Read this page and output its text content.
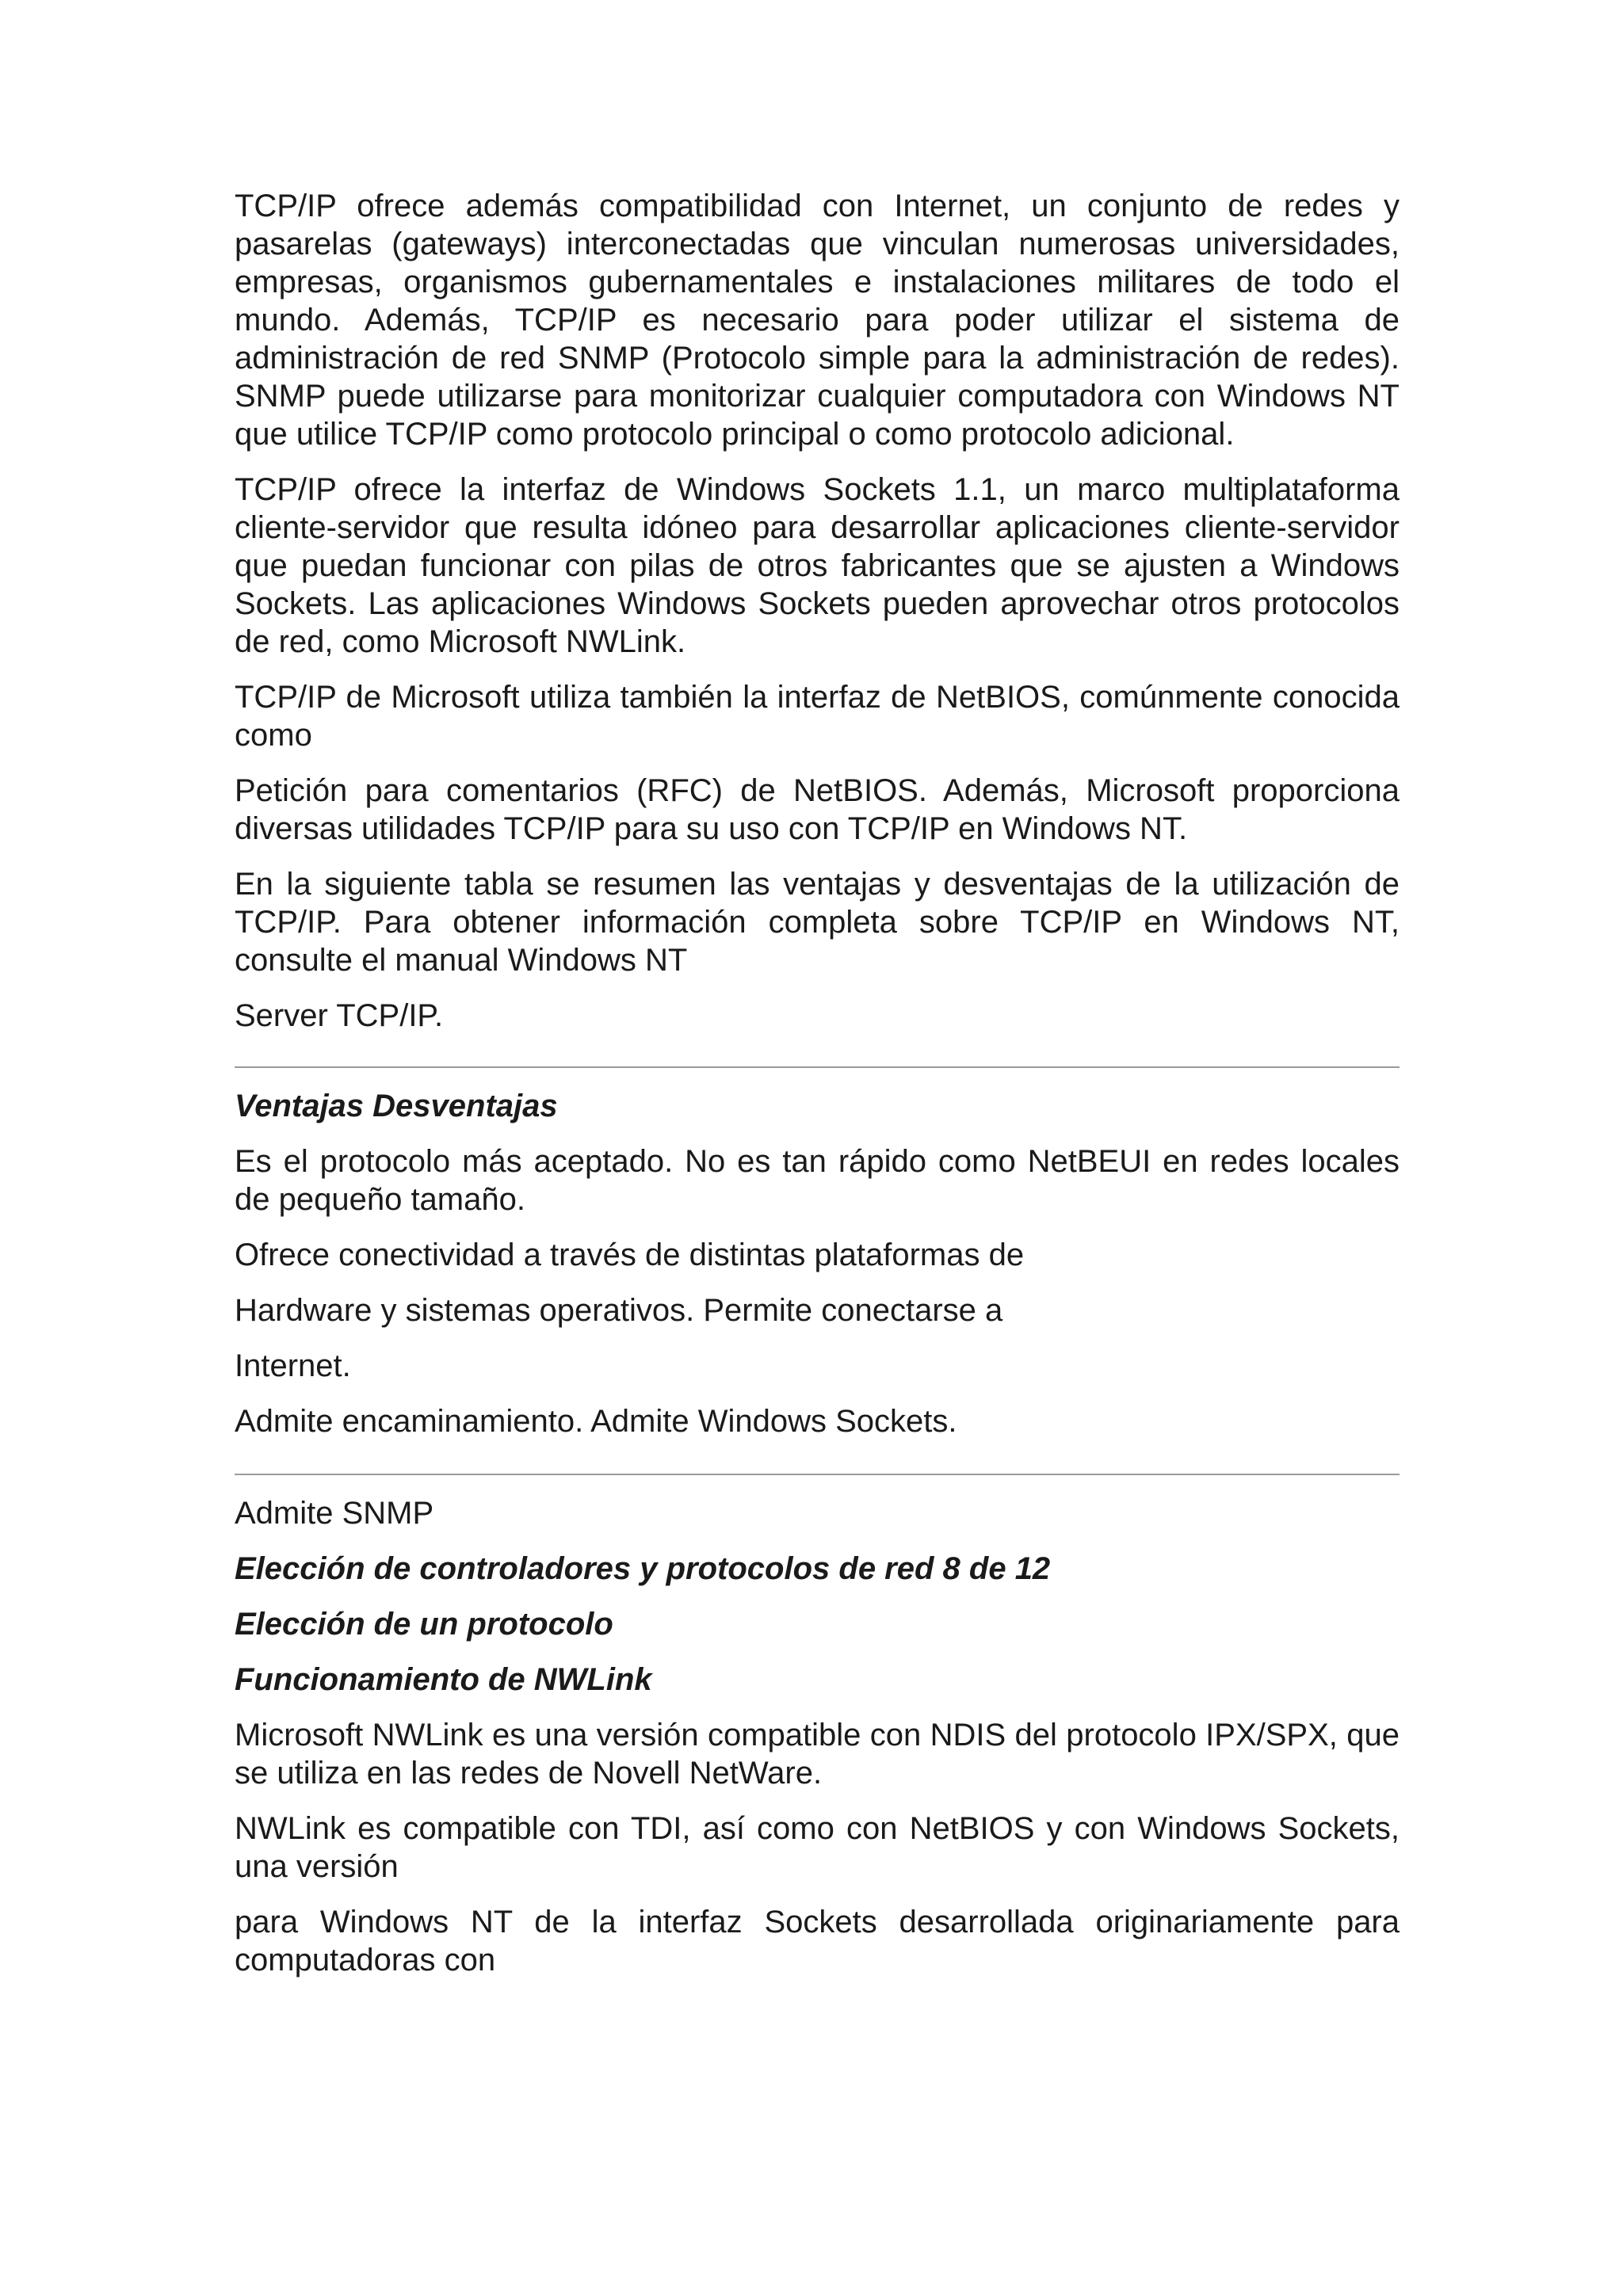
TCP/IP ofrece además compatibilidad con Internet, un conjunto de redes y pasarelas (gateways) interconectadas que vinculan numerosas universidades, empresas, organismos gubernamentales e instalaciones militares de todo el mundo. Además, TCP/IP es necesario para poder utilizar el sistema de administración de red SNMP (Protocolo simple para la administración de redes). SNMP puede utilizarse para monitorizar cualquier computadora con Windows NT que utilice TCP/IP como protocolo principal o como protocolo adicional.

TCP/IP ofrece la interfaz de Windows Sockets 1.1, un marco multiplataforma cliente-servidor que resulta idóneo para desarrollar aplicaciones cliente-servidor que puedan funcionar con pilas de otros fabricantes que se ajusten a Windows Sockets. Las aplicaciones Windows Sockets pueden aprovechar otros protocolos de red, como Microsoft NWLink.

TCP/IP de Microsoft utiliza también la interfaz de NetBIOS, comúnmente conocida como

Petición para comentarios (RFC) de NetBIOS. Además, Microsoft proporciona diversas utilidades TCP/IP para su uso con TCP/IP en Windows NT.

En la siguiente tabla se resumen las ventajas y desventajas de la utilización de TCP/IP. Para obtener información completa sobre TCP/IP en Windows NT, consulte el manual Windows NT

Server TCP/IP.

Ventajas Desventajas

Es el protocolo más aceptado. No es tan rápido como NetBEUI en redes locales de pequeño tamaño.

Ofrece conectividad a través de distintas plataformas de

Hardware y sistemas operativos. Permite conectarse a

Internet.

Admite encaminamiento. Admite Windows Sockets.

Admite SNMP

Elección de controladores y protocolos de red 8 de 12

Elección de un protocolo

Funcionamiento de NWLink

Microsoft NWLink es una versión compatible con NDIS del protocolo IPX/SPX, que se utiliza en las redes de Novell NetWare.

NWLink es compatible con TDI, así como con NetBIOS y con Windows Sockets, una versión

para Windows NT de la interfaz Sockets desarrollada originariamente para computadoras con
